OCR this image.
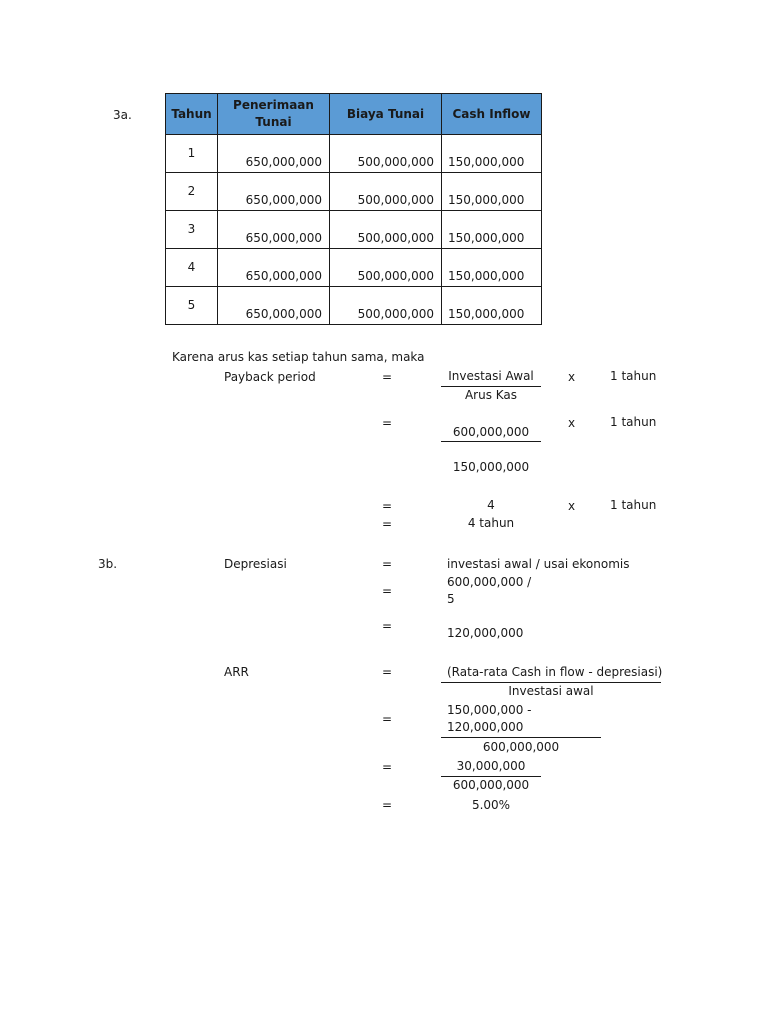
3a.	Tahun	Penerimaan Tunai	Biaya Tunai	Cash Inflow
1	650,000,000	500,000,000	150,000,000
2	650,000,000	500,000,000	150,000,000
3	650,000,000	500,000,000	150,000,000
4	650,000,000	500,000,000	150,000,000
5	650,000,000	500,000,000	150,000,000
Karena arus kas setiap tahun sama, maka
Payback period	=	Investasi Awal
Arus Kas
x	1 tahun
=
600,000,000
150,000,000
x	1 tahun
=	4	x	1 tahun
=	4 tahun
3b.	Depresiasi	=	investasi awal / usai ekonomis
=
600,000,000 /
5
=	120,000,000
ARR	=	(Rata-rata Cash in flow - depresiasi)
Investasi awal
=
150,000,000 -
120,000,000
600,000,000
=	30,000,000
600,000,000
=	5.00%
